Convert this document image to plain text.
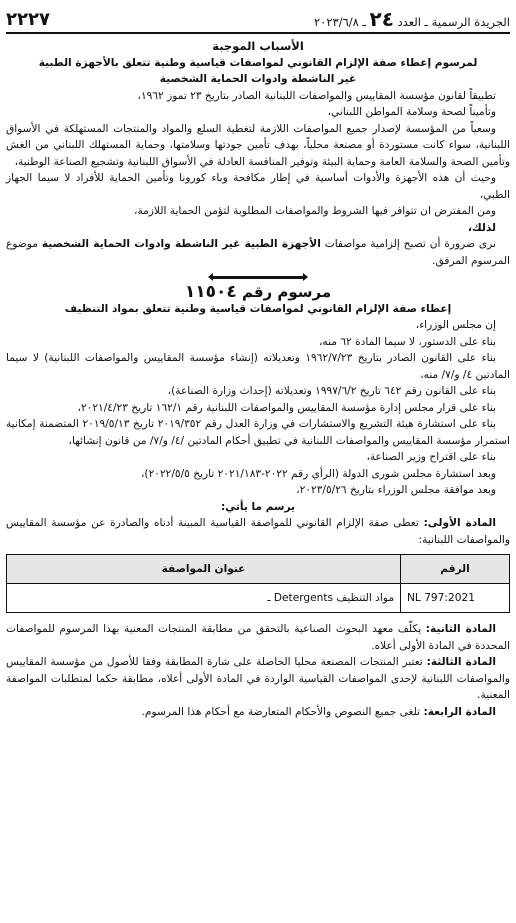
الجريدة الرسمية ـ العدد ٢٤ ـ ٢٠٢٣/٦/٨
٢٢٢٧
الأسباب الموجبة
لمرسوم إعطاء صفة الإلزام القانوني لمواصفات قياسية وطنية تتعلق بالأجهزة الطبية
غير الناشطة وادوات الحماية الشخصية

تطبيقاً لقانون مؤسسة المقاييس والمواصفات اللبنانية الصادر بتاريخ ٢٣ تموز ١٩٦٢،

وتأميناً لصحة وسلامة المواطن اللبناني،

وسعياً من المؤسسة لإصدار جميع المواصفات اللازمة لتغطية السلع والمواد والمنتجات المستهلكة في الأسواق اللبنانية، سواء كانت مستوردة أو مصنعة محلياً، بهدف تأمين جودتها وسلامتها، وحماية المستهلك اللبناني من الغش وتأمين الصحة والسلامة العامة وحماية البيئة وتوفير المنافسة العادلة في الأسواق اللبنانية وتشجيع الصناعة الوطنية،

وحيث أن هذه الأجهزة والأدوات أساسية في إطار مكافحة وباء كورونا وتأمين الحماية للأفراد لا سيما الجهاز الطبي،

ومن المفترض ان تتوافر فيها الشروط والمواصفات المطلوبة لتؤمن الحماية اللازمة،

لذلك،

نرى ضرورة أن تصبح إلزامية مواصفات الأجهزة الطبية غير الناشطة وادوات الحماية الشخصية موضوع المرسوم المرفق.

مرسوم رقم ١١٥٠٤
إعطاء صفة الإلزام القانوني لمواصفات قياسية وطنية تتعلق بمواد التنظيف

إن مجلس الوزراء،

بناء على الدستور، لا سيما المادة ٦٢ منه،

بناء على القانون الصادر بتاريخ ١٩٦٢/٧/٢٣ وتعديلاته (إنشاء مؤسسة المقاييس والمواصفات اللبنانية) لا سيما المادتين ٤/ و/٧/ منه،

بناء على القانون رقم ٦٤٢ تاريخ ١٩٩٧/٦/٢ وتعديلاته (إحداث وزارة الصناعة)،

بناء على قرار مجلس إدارة مؤسسة المقاييس والمواصفات اللبنانية رقم ١٦٢/١ تاريخ ٢٠٢١/٤/٢٣،

بناء على استشارة هيئة التشريع والاستشارات في وزارة العدل رقم ٢٠١٩/٣٥٢ تاريخ ٢٠١٩/٥/١٣ المتضمنة إمكانية استمرار مؤسسة المقاييس والمواصفات اللبنانية في تطبيق أحكام المادتين /٤/ و/٧/ من قانون إنشائها،

بناء على اقتراح وزير الصناعة،

وبعد استشارة مجلس شورى الدولة (الرأي رقم ٢٠٢٢-٢٠٢١/١٨٣ تاريخ ٢٠٢٢/٥/٥)،

وبعد موافقة مجلس الوزراء بتاريخ ٢٠٢٣/٥/٢٦،

يرسم ما يأتي:

المادة الأولى: تعطى صفة الإلزام القانوني للمواصفة القياسية المبينة أدناه والصادرة عن مؤسسة المقاييس والمواصفات اللبنانية:

الرقم	عنوان المواصفة
NL 797:2021	مواد التنظيف Detergents ـ

المادة الثانية: يكلّف معهد البحوث الصناعية بالتحقق من مطابقة المنتجات المعنية بهذا المرسوم للمواصفات المحددة في المادة الأولى أعلاه.

المادة الثالثة: تعتبر المنتجات المصنعة محليا الحاصلة على شارة المطابقة وفقا للأصول من مؤسسة المقاييس والمواصفات اللبنانية لإحدى المواصفات القياسية الواردة في المادة الأولى أعلاه، مطابقة حكما لمتطلبات المواصفة المعنية.

المادة الرابعة: تلغى جميع النصوص والأحكام المتعارضة مع أحكام هذا المرسوم.
